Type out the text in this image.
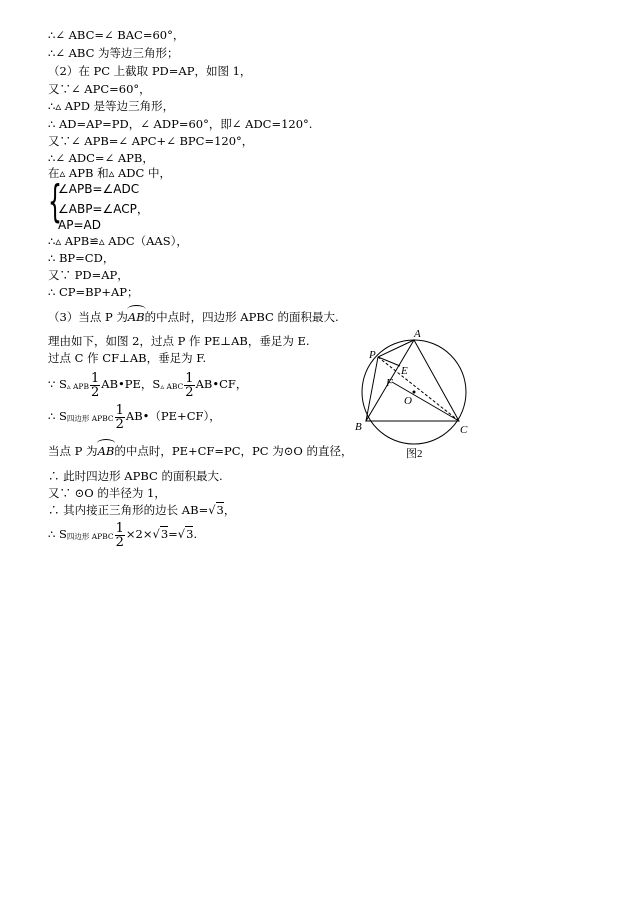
∴∠ ABC=∠ BAC=60°，
∴∠ ABC 为等边三角形；
（2）在 PC 上截取 PD=AP，如图 1，
又∵∠ APC=60°，
∴▵ APD 是等边三角形，
∴ AD=AP=PD，∠ ADP=60°，即∠ ADC=120°.
又∵∠ APB=∠ APC+∠ BPC=120°，
∴∠ ADC=∠ APB，
在▵ APB 和▵ ADC 中，
{
∠APB=∠ADC
∠ABP=∠ACP，
AP=AD
∴▵ APB≌▵ ADC（AAS），
∴ BP=CD，
又∵ PD=AP，
∴ CP=BP+AP；
（3）当点 P 为AB的中点时，四边形 APBC 的面积最大.
理由如下，如图 2，过点 P 作 PE⊥AB，垂足为 E.
过点 C 作 CF⊥AB，垂足为 F.
∵ S▵ APB $\frac{1}{2}$ AB•PE，S▵ ABC $\frac{1}{2}$ AB•CF，
∴ S四边形 APBC $\frac{1}{2}$ AB•（PE+CF），
当点 P 为AB的中点时，PE+CF=PC，PC 为⊙O 的直径，
∴ 此时四边形 APBC 的面积最大.
又∵ ⊙O 的半径为 1，
∴ 其内接正三角形的边长 AB=√3，
∴ S四边形 APBC $\frac{1}{2} \times 2\times√3=√3$.
A
B	C
P
E
F
O
图2
